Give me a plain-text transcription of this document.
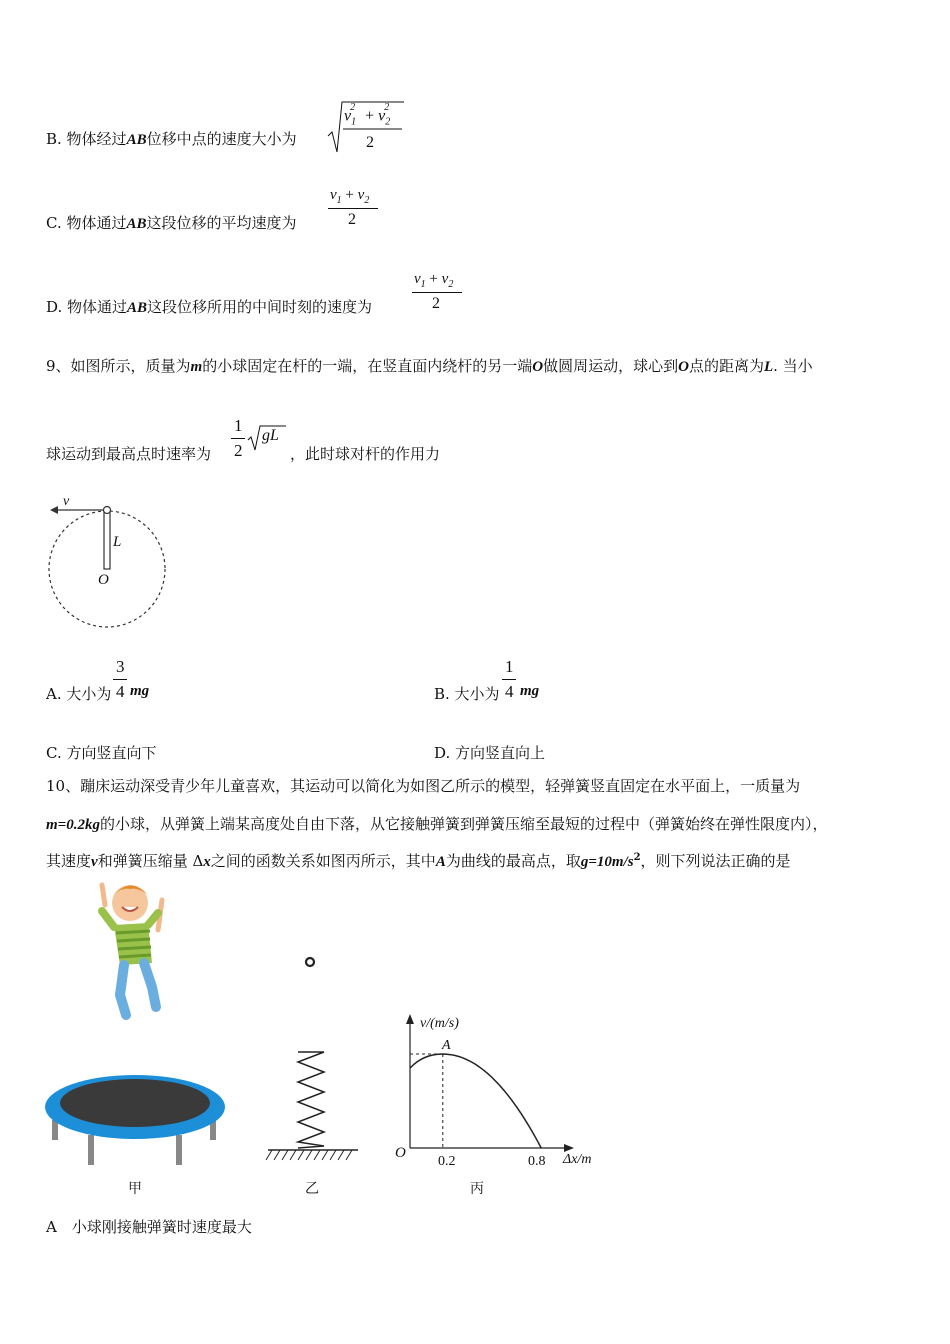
B. 物体经过AB位移中点的速度大小为
$v_1^2 + v_2^2$
2
C. 物体通过AB这段位移的平均速度为
$v_1 + v_2$
2
D. 物体通过AB这段位移所用的中间时刻的速度为
$v_1 + v_2$
2
9、如图所示，质量为m的小球固定在杆的一端，在竖直面内绕杆的另一端O做圆周运动，球心到O点的距离为L. 当小
球运动到最高点时速率为
1
2
gL
，此时球对杆的作用力
v
L
O
A. 大小为
3
4 mg	B. 大小为
1
4 mg
C. 方向竖直向下	D. 方向竖直向上
10、蹦床运动深受青少年儿童喜欢，其运动可以简化为如图乙所示的模型，轻弹簧竖直固定在水平面上，一质量为
m=0.2kg的小球，从弹簧上端某高度处自由下落，从它接触弹簧到弹簧压缩至最短的过程中（弹簧始终在弹性限度内），
其速度v和弹簧压缩量 Δx之间的函数关系如图丙所示，其中A为曲线的最高点，取$g=10m/s^2$，则下列说法正确的是
甲	乙
v/(m/s)
A
O
0.2	0.8 Δx/m
丙
A　小球刚接触弹簧时速度最大
